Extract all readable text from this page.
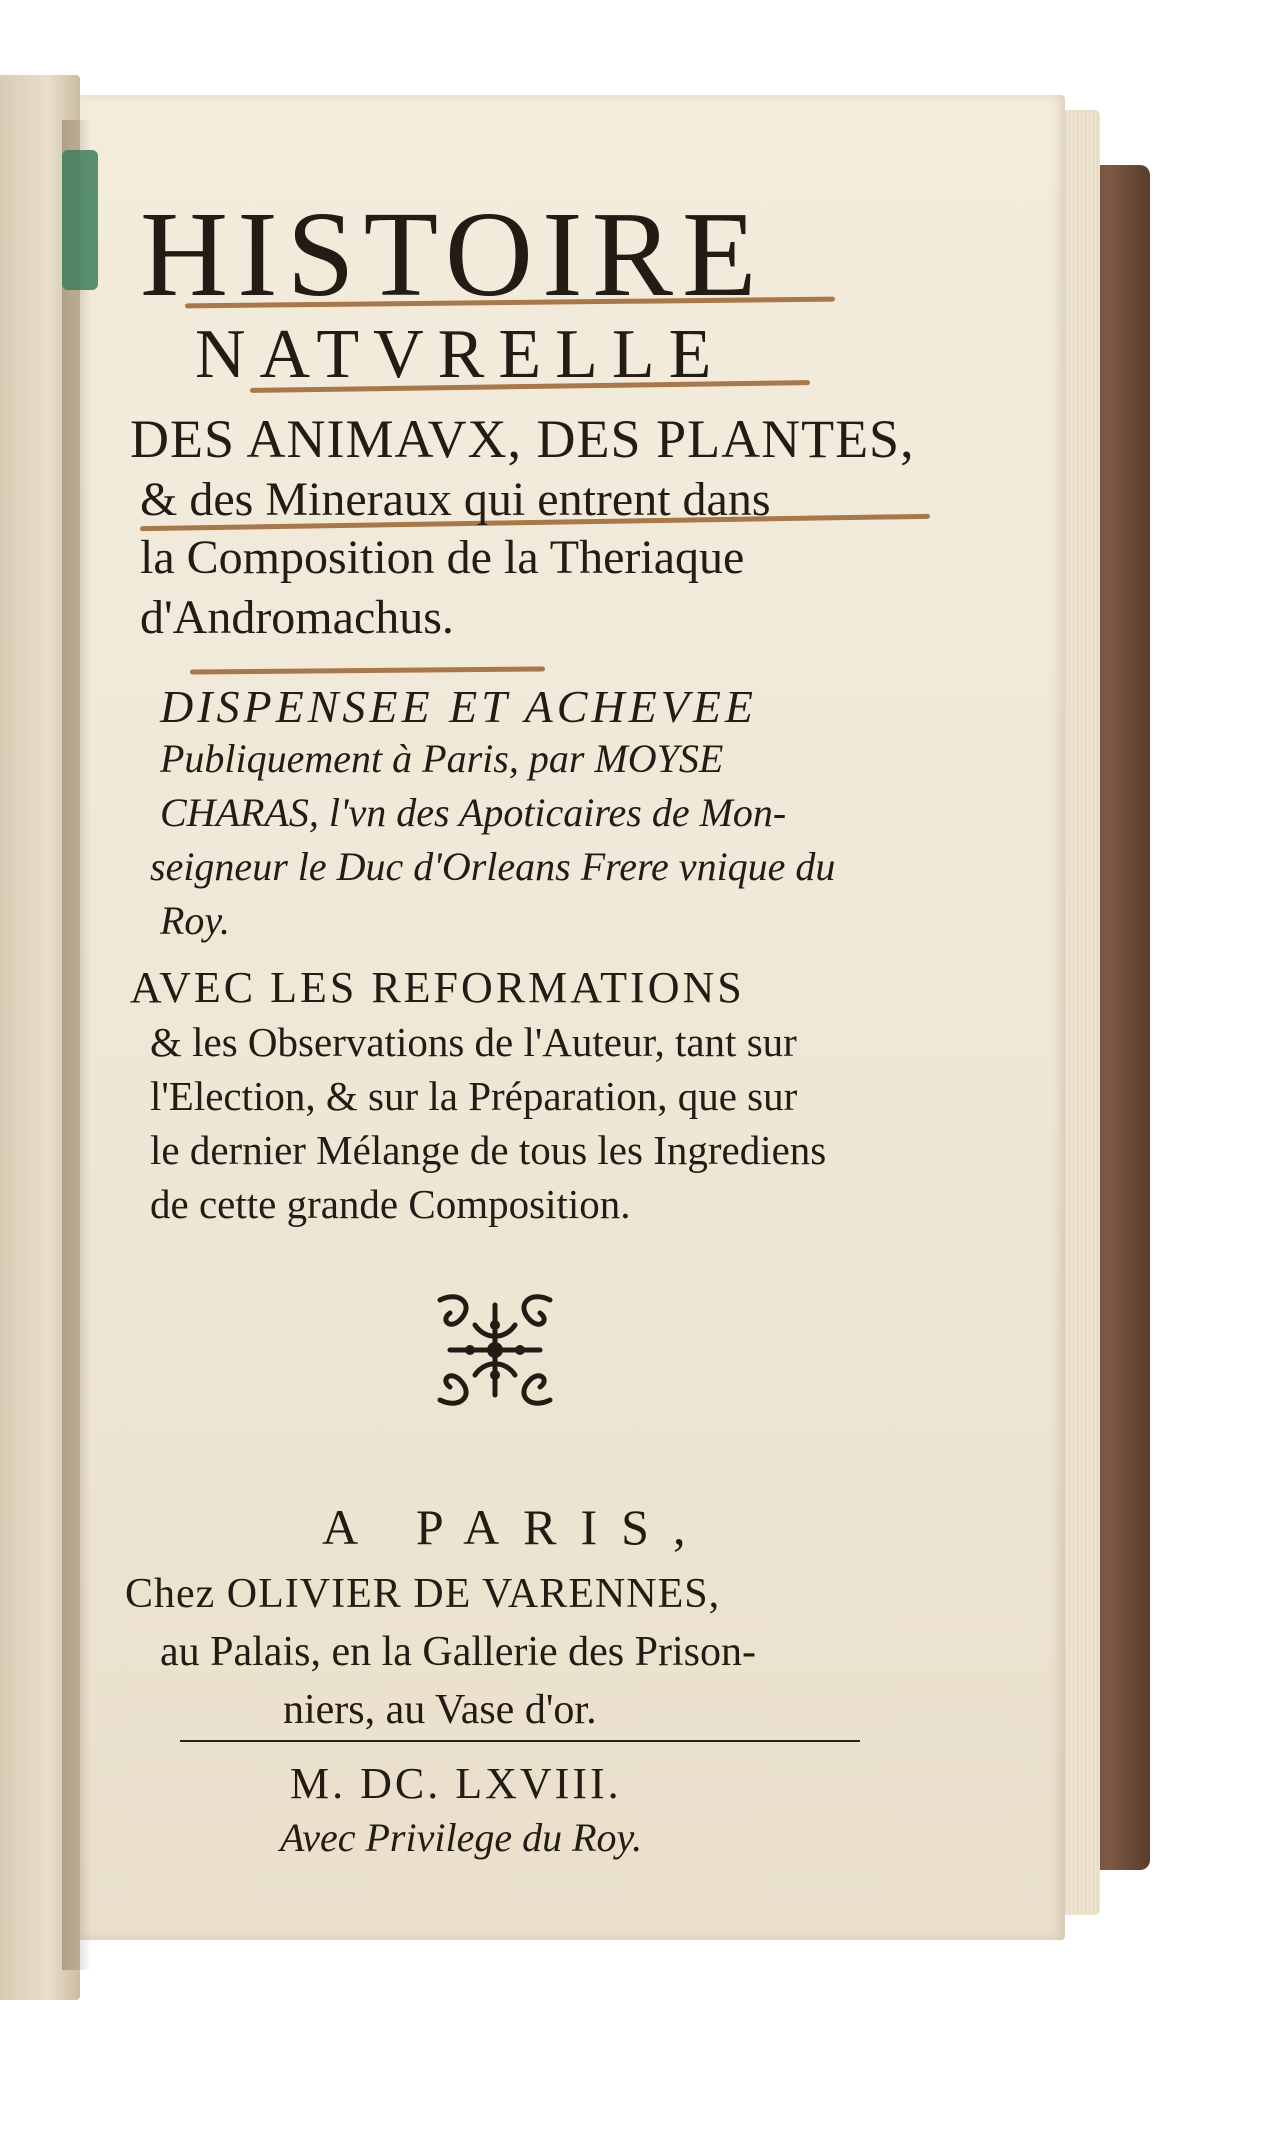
HISTOIRE
NATVRELLE
DES ANIMAVX, DES PLANTES,
& des Mineraux qui entrent dans
la Composition de la Theriaque
d'Andromachus.
DISPENSEE ET ACHEVEE
Publiquement à Paris, par MOYSE
CHARAS, l'vn des Apoticaires de Mon-
seigneur le Duc d'Orleans Frere vnique du
Roy.
AVEC LES REFORMATIONS
& les Observations de l'Auteur, tant sur
l'Election, & sur la Préparation, que sur
le dernier Mélange de tous les Ingrediens
de cette grande Composition.
A PARIS,
Chez OLIVIER DE VARENNES,
au Palais, en la Gallerie des Prison-
niers, au Vase d'or.
M. DC. LXVIII.
Avec Privilege du Roy.
